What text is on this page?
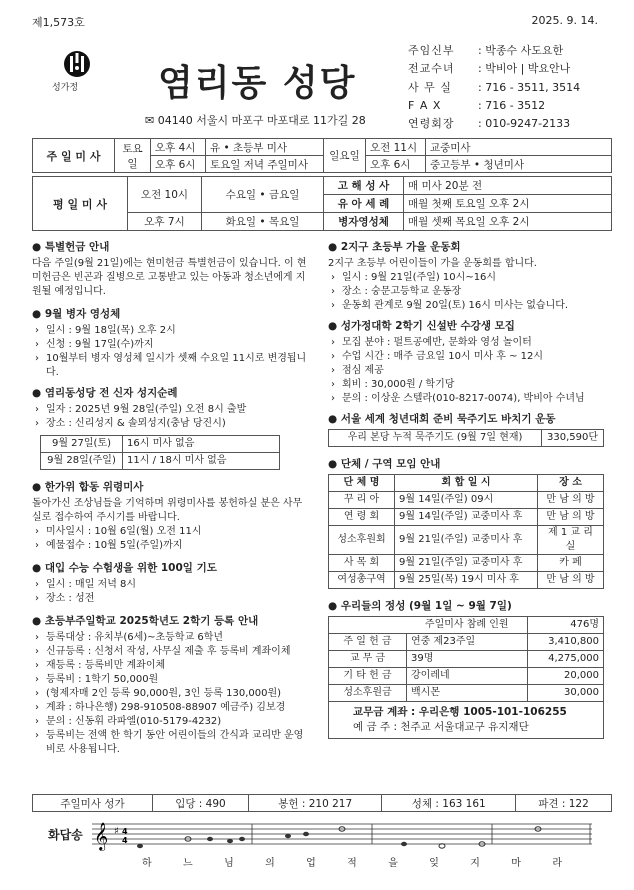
제1,573호	2025. 9. 14.
성가정 염리동 성당
✉ 04140 서울시 마포구 마포대로 11가길 28
주임신부 : 박종수 사도요한
전교수녀 : 박비아 | 박요안나
사 무 실 : 716 - 3511, 3514
F A X	: 716 - 3512
연령회장 : 010-9247-2133
주 일 미 사	토요일	오후 4시	유 • 초등부 미사	일요일	오전 11시	교중미사
		오후 6시	토요일 저녁 주일미사		오후 6시	중고등부 • 청년미사
평 일 미 사	오전 10시	수요일 • 금요일	고 해 성 사	매 미사 20분 전
			유 아 세 례	매월 첫째 토요일 오후 2시
	오후 7시	화요일 • 목요일	병자영성체	매월 셋째 목요일 오후 2시
● 특별헌금 안내

다음 주일(9월 21일)에는 현미헌금 특별헌금이 있습니다. 이 현미헌금은 빈곤과 질병으로 고통받고 있는 아동과 청소년에게 지원될 예정입니다.

● 9월 병자 영성체
› 일시 : 9월 18일(목) 오후 2시
› 신청 : 9월 17일(수)까지
› 10월부터 병자 영성체 일시가 셋째 수요일 11시로 변경됩니다.
● 염리동성당 전 신자 성지순례
› 일자 : 2025년 9월 28일(주일) 오전 8시 출발
› 장소 : 신리성지 & 솔뫼성지(충남 당진시)
9월 27일(토)	16시 미사 없음
9월 28일(주일)	11시 / 18시 미사 없음
● 한가위 합동 위령미사

돌아가신 조상님들을 기억하며 위령미사를 봉헌하실 분은 사무실로 접수하여 주시기를 바랍니다.

› 미사일시 : 10월 6일(월) 오전 11시
› 예물접수 : 10월 5일(주일)까지
● 대입 수능 수험생을 위한 100일 기도
› 일시 : 매일 저녁 8시
› 장소 : 성전
● 초등부주일학교 2025학년도 2학기 등록 안내
› 등록대상 : 유치부(6세)~초등학교 6학년
› 신규등록 : 신청서 작성, 사무실 제출 후 등록비 계좌이체
› 재등록 : 등록비만 계좌이체
› 등록비 : 1학기 50,000원
› (형제자매 2인 등록 90,000원, 3인 등록 130,000원)
› 계좌 : 하나은행) 298-910508-88907 예금주) 김보경
› 문의 : 신동휘 라파엘(010-5179-4232)
› 등록비는 전액 한 학기 동안 어린이들의 간식과 교리반 운영비로 사용됩니다.
● 2지구 초등부 가을 운동회

2지구 초등부 어린이들이 가을 운동회를 합니다.

› 일시 : 9월 21일(주일) 10시~16시
› 장소 : 숭문고등학교 운동장
› 운동회 관계로 9월 20일(토) 16시 미사는 없습니다.
● 성가정대학 2학기 신설반 수강생 모집
› 모집 분야 : 펄트공예반, 문화와 영성 놀이터
› 수업 시간 : 매주 금요일 10시 미사 후 ~ 12시
› 점심 제공
› 회비 : 30,000원 / 학기당
› 문의 : 이상운 스텔라(010-8217-0074), 박비아 수녀님
● 서울 세계 청년대회 준비 묵주기도 바치기 운동
우리 본당 누적 묵주기도 (9월 7일 현재)	330,590단
● 단체 / 구역 모임 안내
단 체 명	회 합 일 시	장 소
꾸 리 아	9월 14일(주일) 09시	만 남 의 방
연 령 회	9월 14일(주일) 교중미사 후	만 남 의 방
성소후원회	9월 21일(주일) 교중미사 후	제 1 교 리 실
사 목 회	9월 21일(주일) 교중미사 후	카 페
여성총구역	9월 25일(목) 19시 미사 후	만 남 의 방
● 우리들의 정성 (9월 1일 ~ 9월 7일)
	주일미사 참례 인원	476명
주 일 헌 금	연중 제23주일	3,410,800
교 무 금	39명	4,275,000
기 타 헌 금	강이레네	20,000
성소후원금	백시몬	30,000
교무금 계좌 : 우리은행 1005-101-106255
예 금 주 : 천주교 서울대교구 유지재단
주일미사 성가	입당 : 490	봉헌 : 210 217	성체 : 163 161	파견 : 122
화답송 𝄞 ♯ 4
4
하	느	님	의	업	적	을	잊	지	마	라
